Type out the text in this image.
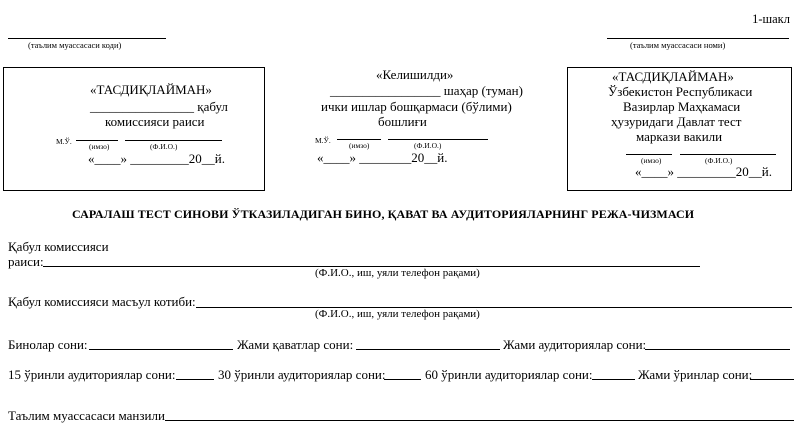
1-шакл
(таълим муассасаси коди)	(таълим муассасаси номи)
«ТАСДИҚЛАЙМАН»
________________ қабул
комиссияси раиси
М.Ў.
(имзо)	(Ф.И.О.)
«____» _________20__й.
«Келишилди»
_________________ шаҳар (туман)
ички ишлар бошқармаси (бўлими)
бошлиғи
М.Ў.
(имзо)	(Ф.И.О.)
«____» ________20__й.
«ТАСДИҚЛАЙМАН»
Ўзбекистон Республикаси
Вазирлар Маҳкамаси
ҳузуридаги Давлат тест
маркази вакили
(имзо)	(Ф.И.О.)
«____» _________20__й.
САРАЛАШ ТЕСТ СИНОВИ ЎТКАЗИЛАДИГАН БИНО, ҚАВАТ ВА АУДИТОРИЯЛАРНИНГ РЕЖА-ЧИЗМАСИ
Қабул комиссияси
раиси:
(Ф.И.О., иш, уяли телефон рақами)
Қабул комиссияси масъул котиби:
(Ф.И.О., иш, уяли телефон рақами)
Бинолар сони:	Жами қаватлар сони:	Жами аудиториялар сони:
15 ўринли аудиториялар сони:	30 ўринли аудиториялар сони:	60 ўринли аудиториялар сони:	Жами ўринлар сони:
Таълим муассасаси манзили
